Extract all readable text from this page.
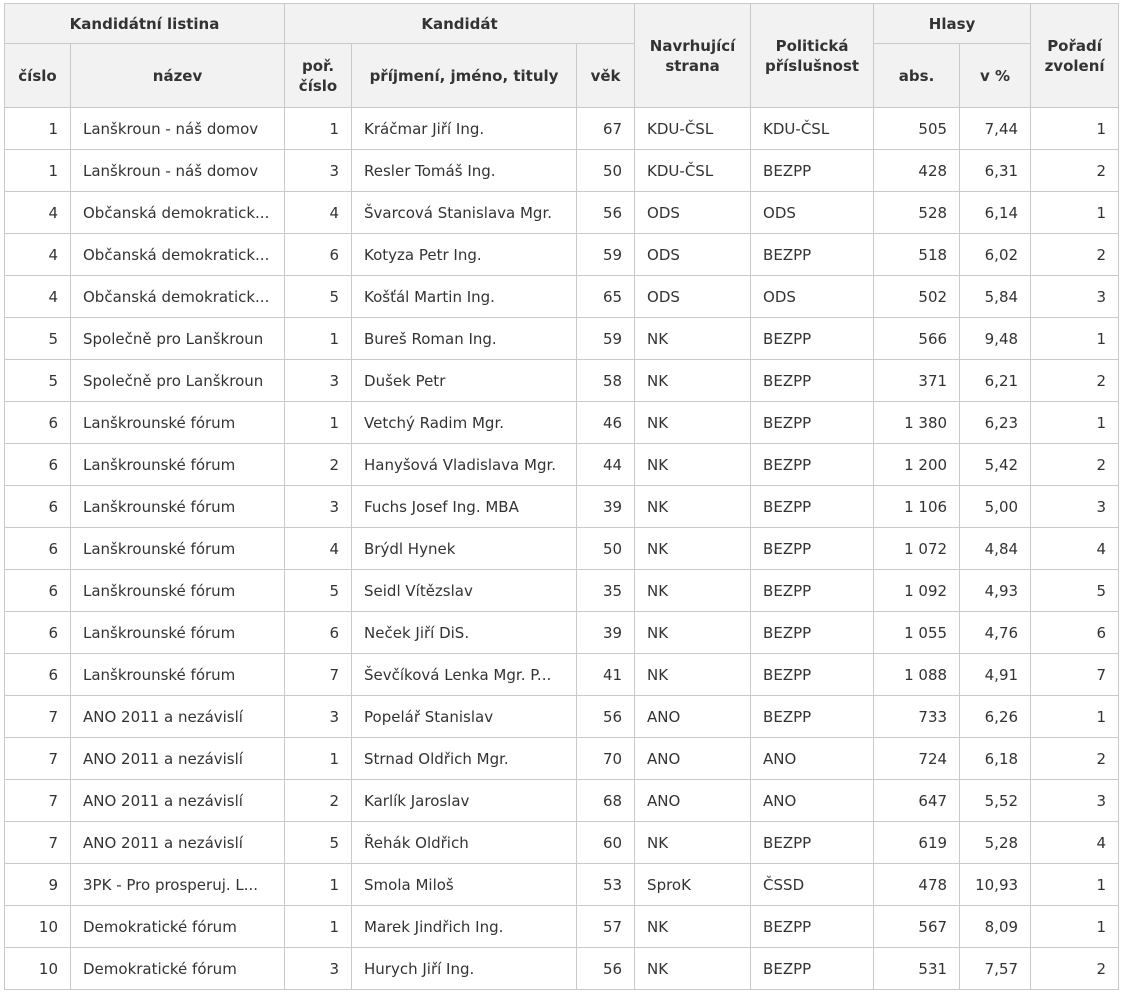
Kandidátní listina		Kandidát			Navrhující strana	Politická příslušnost	Hlasy		Pořadí zvolení
číslo	název	poř. číslo	příjmení, jméno, tituly	věk			abs.	v %	
1	Lanškroun - náš domov	1	Kráčmar Jiří Ing.	67	KDU-ČSL	KDU-ČSL	505	7,44	1
1	Lanškroun - náš domov	3	Resler Tomáš Ing.	50	KDU-ČSL	BEZPP	428	6,31	2
4	Občanská demokratick...	4	Švarcová Stanislava Mgr.	56	ODS	ODS	528	6,14	1
4	Občanská demokratick...	6	Kotyza Petr Ing.	59	ODS	BEZPP	518	6,02	2
4	Občanská demokratick...	5	Košťál Martin Ing.	65	ODS	ODS	502	5,84	3
5	Společně pro Lanškroun	1	Bureš Roman Ing.	59	NK	BEZPP	566	9,48	1
5	Společně pro Lanškroun	3	Dušek Petr	58	NK	BEZPP	371	6,21	2
6	Lanškrounské fórum	1	Vetchý Radim Mgr.	46	NK	BEZPP	1 380	6,23	1
6	Lanškrounské fórum	2	Hanyšová Vladislava Mgr.	44	NK	BEZPP	1 200	5,42	2
6	Lanškrounské fórum	3	Fuchs Josef Ing. MBA	39	NK	BEZPP	1 106	5,00	3
6	Lanškrounské fórum	4	Brýdl Hynek	50	NK	BEZPP	1 072	4,84	4
6	Lanškrounské fórum	5	Seidl Vítězslav	35	NK	BEZPP	1 092	4,93	5
6	Lanškrounské fórum	6	Neček Jiří DiS.	39	NK	BEZPP	1 055	4,76	6
6	Lanškrounské fórum	7	Ševčíková Lenka Mgr. P...	41	NK	BEZPP	1 088	4,91	7
7	ANO 2011 a nezávislí	3	Popelář Stanislav	56	ANO	BEZPP	733	6,26	1
7	ANO 2011 a nezávislí	1	Strnad Oldřich Mgr.	70	ANO	ANO	724	6,18	2
7	ANO 2011 a nezávislí	2	Karlík Jaroslav	68	ANO	ANO	647	5,52	3
7	ANO 2011 a nezávislí	5	Řehák Oldřich	60	NK	BEZPP	619	5,28	4
9	3PK - Pro prosperuj. L...	1	Smola Miloš	53	SproK	ČSSD	478	10,93	1
10	Demokratické fórum	1	Marek Jindřich Ing.	57	NK	BEZPP	567	8,09	1
10	Demokratické fórum	3	Hurych Jiří Ing.	56	NK	BEZPP	531	7,57	2
